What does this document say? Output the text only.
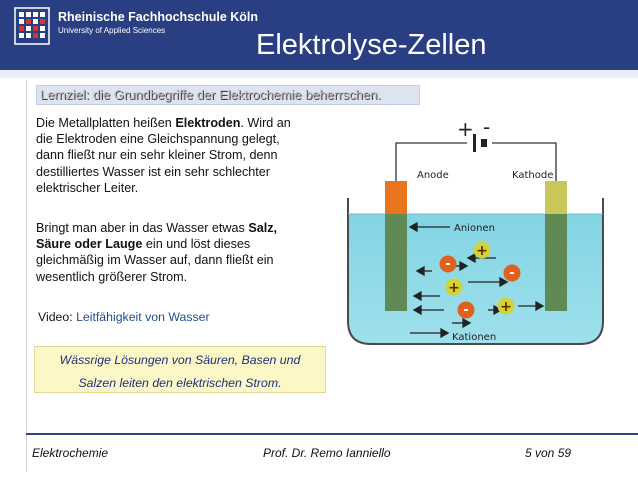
Rheinische Fachhochschule Köln
University of Applied Sciences	Elektrolyse-Zellen
Lernziel: die Grundbegriffe der Elektrochemie beherrschen.
Die Metallplatten heißen Elektroden. Wird an die Elektroden eine Gleichspannung gelegt, dann fließt nur ein sehr kleiner Strom, denn destilliertes Wasser ist ein sehr schlechter elektrischer Leiter.
Bringt man aber in das Wasser etwas Salz, Säure oder Lauge ein und löst dieses gleichmäßig im Wasser auf, dann fließt ein wesentlich größerer Strom.
Video: Leitfähigkeit von Wasser
Wässrige Lösungen von Säuren, Basen und
Salzen leiten den elektrischen Strom.
+ -
Anode	Kathode
Anionen
Kationen
+
-
-
+
- +
Elektrochemie	Prof. Dr. Remo Ianniello	5 von 59
